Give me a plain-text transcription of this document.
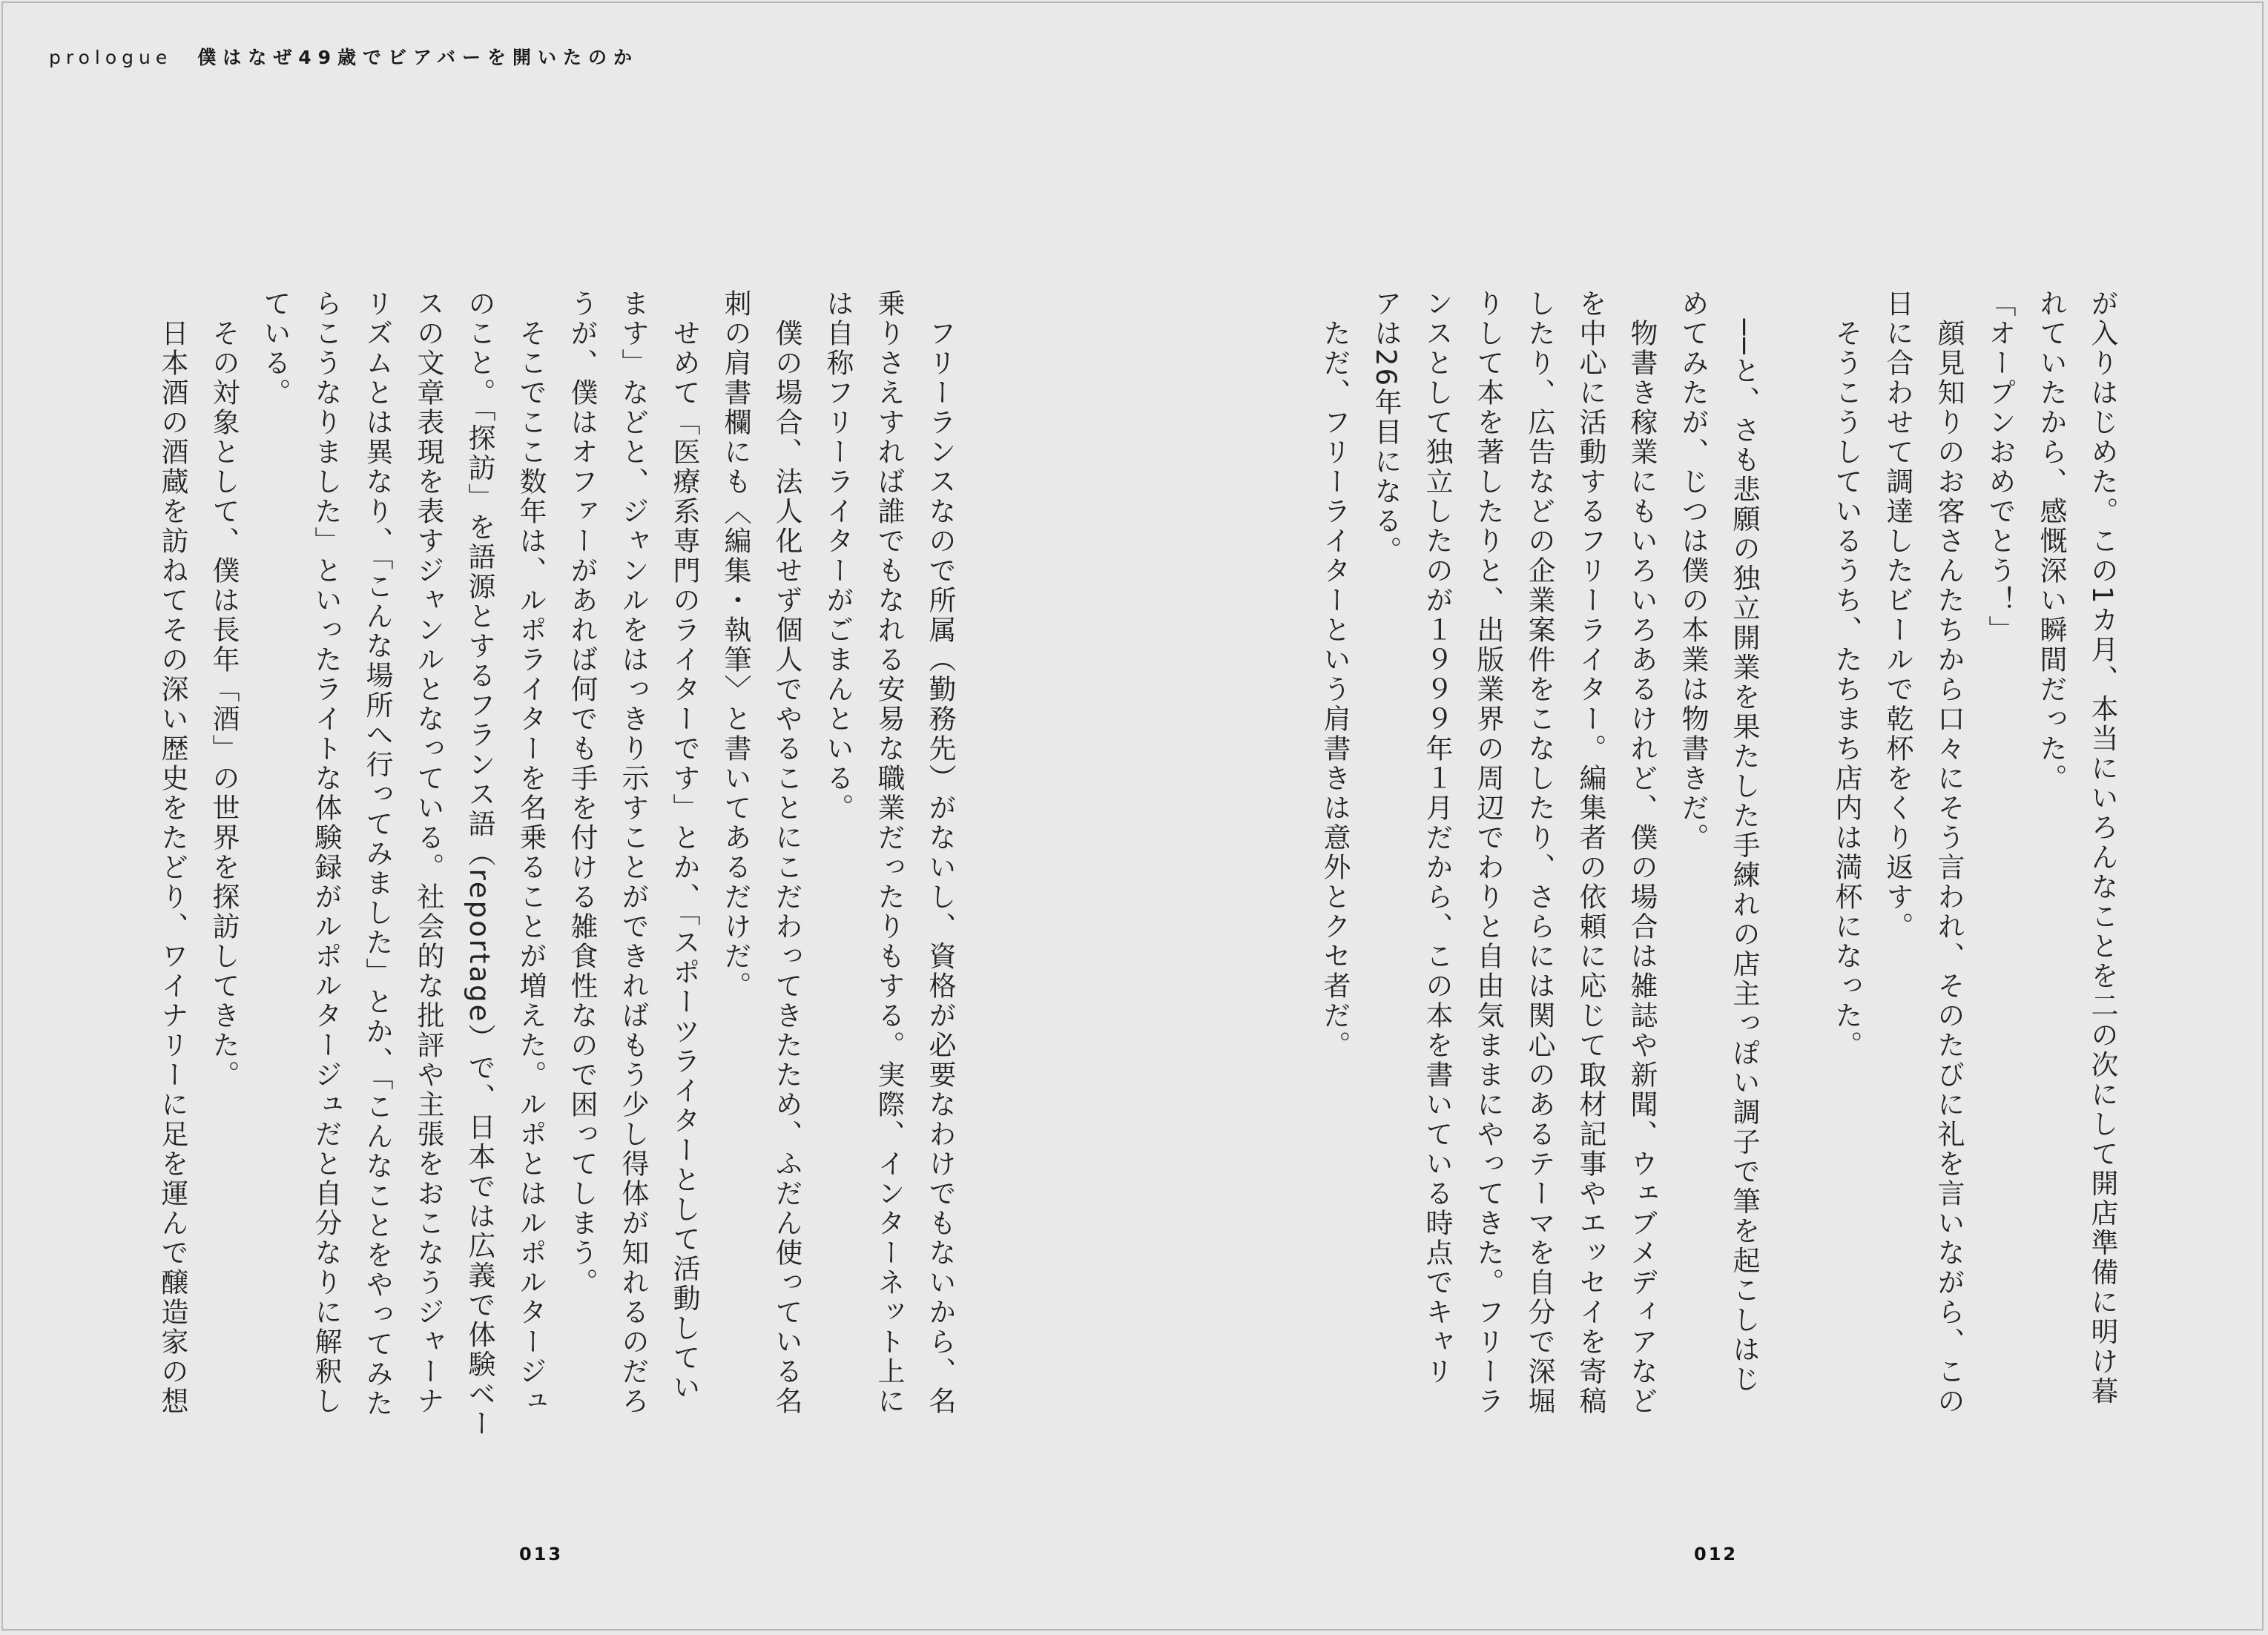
prologue 僕はなぜ49歳でビアバーを開いたのか
が入りはじめた。この1カ月、本当にいろんなことを二の次にして開店準備に明け暮
れていたから、感慨深い瞬間だった。
「オープンおめでとう！」
　顔見知りのお客さんたちから口々にそう言われ、そのたびに礼を言いながら、この
日に合わせて調達したビールで乾杯をくり返す。
　そうこうしているうち、たちまち店内は満杯になった。
　──と、さも悲願の独立開業を果たした手練れの店主っぽい調子で筆を起こしはじ
めてみたが、じつは僕の本業は物書きだ。
　物書き稼業にもいろいろあるけれど、僕の場合は雑誌や新聞、ウェブメディアなど
を中心に活動するフリーライター。編集者の依頼に応じて取材記事やエッセイを寄稿
したり、広告などの企業案件をこなしたり、さらには関心のあるテーマを自分で深堀
りして本を著したりと、出版業界の周辺でわりと自由気ままにやってきた。フリーラ
ンスとして独立したのが１９９９年１月だから、この本を書いている時点でキャリ
アは26年目になる。
　ただ、フリーライターという肩書きは意外とクセ者だ。
　フリーランスなので所属（勤務先）がないし、資格が必要なわけでもないから、名
乗りさえすれば誰でもなれる安易な職業だったりもする。実際、インターネット上に
は自称フリーライターがごまんといる。
　僕の場合、法人化せず個人でやることにこだわってきたため、ふだん使っている名
刺の肩書欄にも〈編集・執筆〉と書いてあるだけだ。
　せめて「医療系専門のライターです」とか、「スポーツライターとして活動してい
ます」などと、ジャンルをはっきり示すことができればもう少し得体が知れるのだろ
うが、僕はオファーがあれば何でも手を付ける雑食性なので困ってしまう。
　そこでここ数年は、ルポライターを名乗ることが増えた。ルポとはルポルタージュ
のこと。「探訪」を語源とするフランス語（reportage）で、日本では広義で体験ベー
スの文章表現を表すジャンルとなっている。社会的な批評や主張をおこなうジャーナ
リズムとは異なり、「こんな場所へ行ってみました」とか、「こんなことをやってみた
らこうなりました」といったライトな体験録がルポルタージュだと自分なりに解釈し
ている。
　その対象として、僕は長年「酒」の世界を探訪してきた。
　日本酒の酒蔵を訪ねてその深い歴史をたどり、ワイナリーに足を運んで醸造家の想
012
013
